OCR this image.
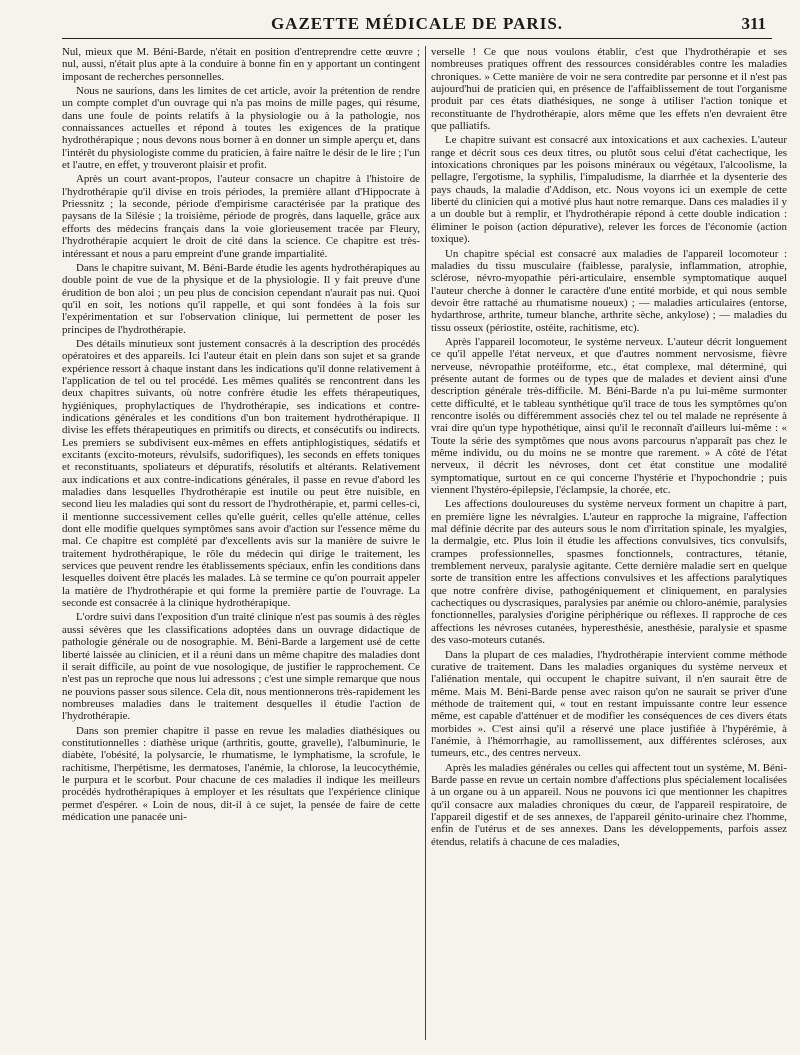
GAZETTE MÉDICALE DE PARIS.	311

Nul, mieux que M. Béni-Barde, n'était en position d'entreprendre cette œuvre ; nul, aussi, n'était plus apte à la conduire à bonne fin en y apportant un contingent imposant de recherches personnelles.

Nous ne saurions, dans les limites de cet article, avoir la prétention de rendre un compte complet d'un ouvrage qui n'a pas moins de mille pages, qui résume, dans une foule de points relatifs à la physiologie ou à la pathologie, nos connaissances actuelles et répond à toutes les exigences de la pratique hydrothérapique ; nous devons nous borner à en donner un simple aperçu et, dans l'intérêt du physiologiste comme du praticien, à faire naître le désir de le lire ; l'un et l'autre, en effet, y trouveront plaisir et profit.

Après un court avant-propos, l'auteur consacre un chapitre à l'histoire de l'hydrothérapie qu'il divise en trois périodes, la première allant d'Hippocrate à Priessnitz ; la seconde, période d'empirisme caractérisée par la pratique des paysans de la Silésie ; la troisième, période de progrès, dans laquelle, grâce aux efforts des médecins français dans la voie glorieusement tracée par Fleury, l'hydrothérapie acquiert le droit de cité dans la science. Ce chapitre est très-intéressant et nous a paru empreint d'une grande impartialité.

Dans le chapitre suivant, M. Béni-Barde étudie les agents hydrothérapiques au double point de vue de la physique et de la physiologie. Il y fait preuve d'une érudition de bon aloi ; un peu plus de concision cependant n'aurait pas nui. Quoi qu'il en soit, les notions qu'il rappelle, et qui sont fondées à la fois sur l'expérimentation et sur l'observation clinique, lui permettent de poser les principes de l'hydrothérapie.

Des détails minutieux sont justement consacrés à la description des procédés opératoires et des appareils. Ici l'auteur était en plein dans son sujet et sa grande expérience ressort à chaque instant dans les indications qu'il donne relativement à l'application de tel ou tel procédé. Les mêmes qualités se rencontrent dans les deux chapitres suivants, où notre confrère étudie les effets thérapeutiques, hygiéniques, prophylactiques de l'hydrothérapie, ses indications et contre-indications générales et les conditions d'un bon traitement hydrothérapique. Il divise les effets thérapeutiques en primitifs ou directs, et consécutifs ou indirects. Les premiers se subdivisent eux-mêmes en effets antiphlogistiques, sédatifs et excitants (excito-moteurs, révulsifs, sudorifiques), les seconds en effets toniques et reconstituants, spoliateurs et dépuratifs, résolutifs et altérants. Relativement aux indications et aux contre-indications générales, il passe en revue d'abord les maladies dans lesquelles l'hydrothérapie est inutile ou peut être nuisible, en second lieu les maladies qui sont du ressort de l'hydrothérapie, et, parmi celles-ci, il mentionne successivement celles qu'elle guérit, celles qu'elle atténue, celles dont elle modifie quelques symptômes sans avoir d'action sur l'essence même du mal. Ce chapitre est complété par d'excellents avis sur la manière de suivre le traitement hydrothérapique, le rôle du médecin qui dirige le traitement, les services que peuvent rendre les établissements spéciaux, enfin les conditions dans lesquelles doivent être placés les malades. Là se termine ce qu'on pourrait appeler la matière de l'hydrothérapie et qui forme la première partie de l'ouvrage. La seconde est consacrée à la clinique hydrothérapique.

L'ordre suivi dans l'exposition d'un traité clinique n'est pas soumis à des règles aussi sévères que les classifications adoptées dans un ouvrage didactique de pathologie générale ou de nosographie. M. Béni-Barde a largement usé de cette liberté laissée au clinicien, et il a réuni dans un même chapitre des maladies dont il serait difficile, au point de vue nosologique, de justifier le rapprochement. Ce n'est pas un reproche que nous lui adressons ; c'est une simple remarque que nous ne pouvions passer sous silence. Cela dit, nous mentionnerons très-rapidement les nombreuses maladies dans le traitement desquelles il étudie l'action de l'hydrothérapie.

Dans son premier chapitre il passe en revue les maladies diathésiques ou constitutionnelles : diathèse urique (arthritis, goutte, gravelle), l'albuminurie, le diabète, l'obésité, la polysarcie, le rhumatisme, le lymphatisme, la scrofule, le rachitisme, l'herpétisme, les dermatoses, l'anémie, la chlorose, la leucocythémie, le purpura et le scorbut. Pour chacune de ces maladies il indique les meilleurs procédés hydrothérapiques à employer et les résultats que l'expérience clinique permet d'espérer. « Loin de nous, dit-il à ce sujet, la pensée de faire de cette médication une panacée uni-

verselle ! Ce que nous voulons établir, c'est que l'hydrothérapie et ses nombreuses pratiques offrent des ressources considérables contre les maladies chroniques. » Cette manière de voir ne sera contredite par personne et il n'est pas aujourd'hui de praticien qui, en présence de l'affaiblissement de tout l'organisme produit par ces états diathésiques, ne songe à utiliser l'action tonique et reconstituante de l'hydrothérapie, alors même que les effets n'en devraient être que palliatifs.

Le chapitre suivant est consacré aux intoxications et aux cachexies. L'auteur range et décrit sous ces deux titres, ou plutôt sous celui d'état cachectique, les intoxications chroniques par les poisons minéraux ou végétaux, l'alcoolisme, la pellagre, l'ergotisme, la syphilis, l'impaludisme, la diarrhée et la dysenterie des pays chauds, la maladie d'Addison, etc. Nous voyons ici un exemple de cette liberté du clinicien qui a motivé plus haut notre remarque. Dans ces maladies il y a un double but à remplir, et l'hydrothérapie répond à cette double indication : éliminer le poison (action dépurative), relever les forces de l'économie (action toxique).

Un chapitre spécial est consacré aux maladies de l'appareil locomoteur : maladies du tissu musculaire (faiblesse, paralysie, inflammation, atrophie, sclérose, névro-myopathie péri-articulaire, ensemble symptomatique auquel l'auteur cherche à donner le caractère d'une entité morbide, et qui nous semble devoir être rattaché au rhumatisme noueux) ; — maladies articulaires (entorse, hydarthrose, arthrite, tumeur blanche, arthrite sèche, ankylose) ; — maladies du tissu osseux (périostite, ostéite, rachitisme, etc).

Après l'appareil locomoteur, le système nerveux. L'auteur décrit longuement ce qu'il appelle l'état nerveux, et que d'autres nomment nervosisme, fièvre nerveuse, névropathie protéiforme, etc., état complexe, mal déterminé, qui présente autant de formes ou de types que de malades et devient ainsi d'une description générale très-difficile. M. Béni-Barde n'a pu lui-même surmonter cette difficulté, et le tableau synthétique qu'il trace de tous les symptômes qu'on rencontre isolés ou différemment associés chez tel ou tel malade ne représente à vrai dire qu'un type hypothétique, ainsi qu'il le reconnaît d'ailleurs lui-même : « Toute la série des symptômes que nous avons parcourus n'apparaît pas chez le même individu, ou du moins ne se montre que rarement. » A côté de l'état nerveux, il décrit les névroses, dont cet état constitue une modalité symptomatique, surtout en ce qui concerne l'hystérie et l'hypochondrie ; puis viennent l'hystéro-épilepsie, l'éclampsie, la chorée, etc.

Les affections douloureuses du système nerveux forment un chapitre à part, en première ligne les névralgies. L'auteur en rapproche la migraine, l'affection mal définie décrite par des auteurs sous le nom d'irritation spinale, les myalgies, la dermalgie, etc. Plus loin il étudie les affections convulsives, tics convulsifs, crampes professionnelles, spasmes fonctionnels, contractures, tétanie, tremblement nerveux, paralysie agitante. Cette dernière maladie sert en quelque sorte de transition entre les affections convulsives et les affections paralytiques que notre confrère divise, pathogéniquement et cliniquement, en paralysies cachectiques ou dyscrasiques, paralysies par anémie ou chloro-anémie, paralysies fonctionnelles, paralysies d'origine périphérique ou réflexes. Il rapproche de ces affections les névroses cutanées, hyperesthésie, anesthésie, paralysie et spasme des vaso-moteurs cutanés.

Dans la plupart de ces maladies, l'hydrothérapie intervient comme méthode curative de traitement. Dans les maladies organiques du système nerveux et l'aliénation mentale, qui occupent le chapitre suivant, il n'en saurait être de même. Mais M. Béni-Barde pense avec raison qu'on ne saurait se priver d'une méthode de traitement qui, « tout en restant impuissante contre leur essence même, est capable d'atténuer et de modifier les conséquences de ces divers états morbides ». C'est ainsi qu'il a réservé une place justifiée à l'hypérémie, à l'anémie, à l'hémorrhagie, au ramollissement, aux différentes scléroses, aux tumeurs, etc., des centres nerveux.

Après les maladies générales ou celles qui affectent tout un système, M. Béni-Barde passe en revue un certain nombre d'affections plus spécialement localisées à un organe ou à un appareil. Nous ne pouvons ici que mentionner les chapitres qu'il consacre aux maladies chroniques du cœur, de l'appareil respiratoire, de l'appareil digestif et de ses annexes, de l'appareil génito-urinaire chez l'homme, enfin de l'utérus et de ses annexes. Dans les développements, parfois assez étendus, relatifs à chacune de ces maladies,
